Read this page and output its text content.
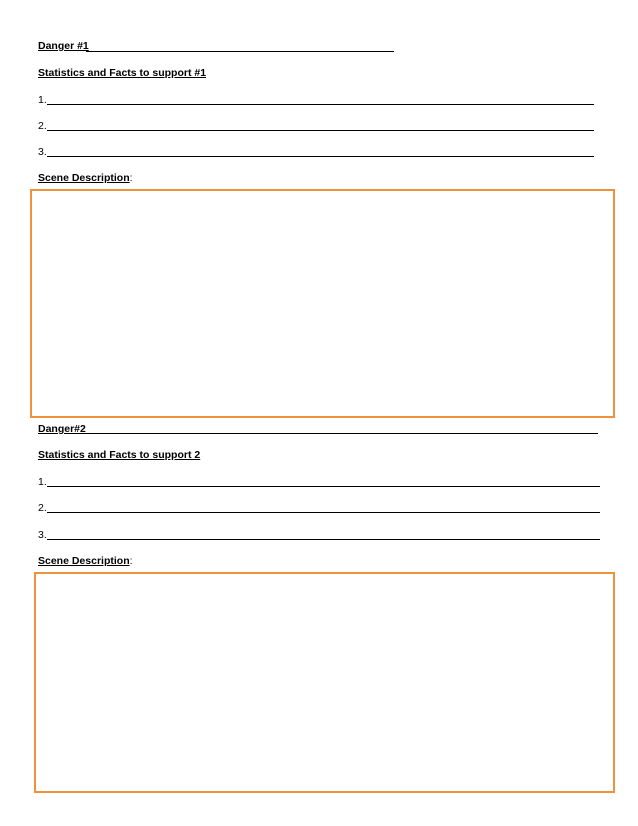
Danger #1
Statistics and Facts to support #1
1.
2.
3.
Scene Description:
Danger#2
Statistics and Facts to support 2
1.
2.
3.
Scene Description:
